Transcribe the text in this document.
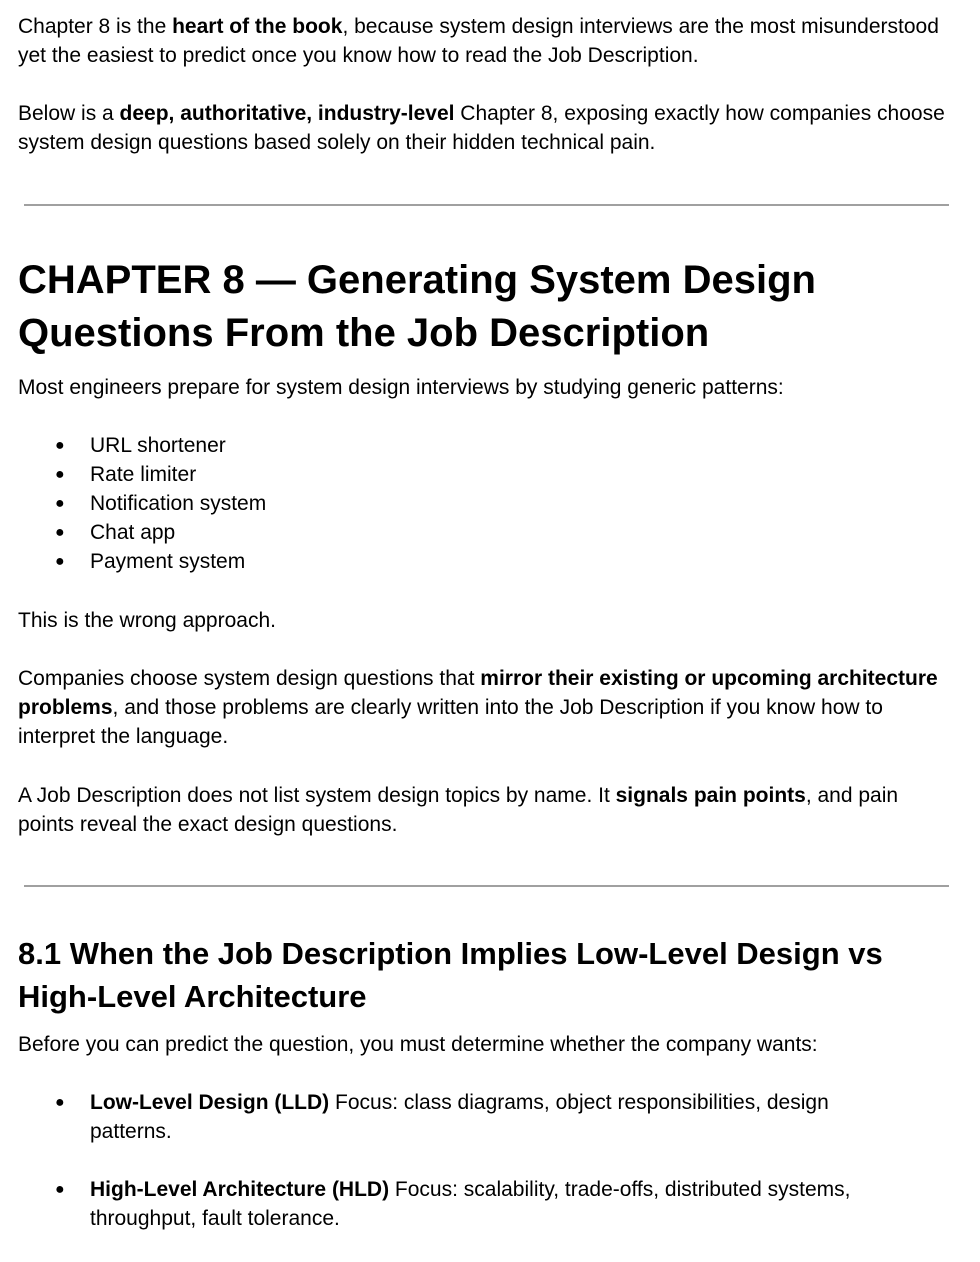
Chapter 8 is the heart of the book, because system design interviews are the most misunderstood yet the easiest to predict once you know how to read the Job Description.

Below is a deep, authoritative, industry-level Chapter 8, exposing exactly how companies choose system design questions based solely on their hidden technical pain.

CHAPTER 8 — Generating System Design
Questions From the Job Description

Most engineers prepare for system design interviews by studying generic patterns:

● URL shortener
● Rate limiter
● Notification system
● Chat app
● Payment system

This is the wrong approach.

Companies choose system design questions that mirror their existing or upcoming architecture problems, and those problems are clearly written into the Job Description if you know how to interpret the language.

A Job Description does not list system design topics by name. It signals pain points, and pain points reveal the exact design questions.

8.1 When the Job Description Implies Low-Level Design vs
High-Level Architecture

Before you can predict the question, you must determine whether the company wants:

● Low-Level Design (LLD) Focus: class diagrams, object responsibilities, design patterns.
● High-Level Architecture (HLD) Focus: scalability, trade-offs, distributed systems, throughput, fault tolerance.
